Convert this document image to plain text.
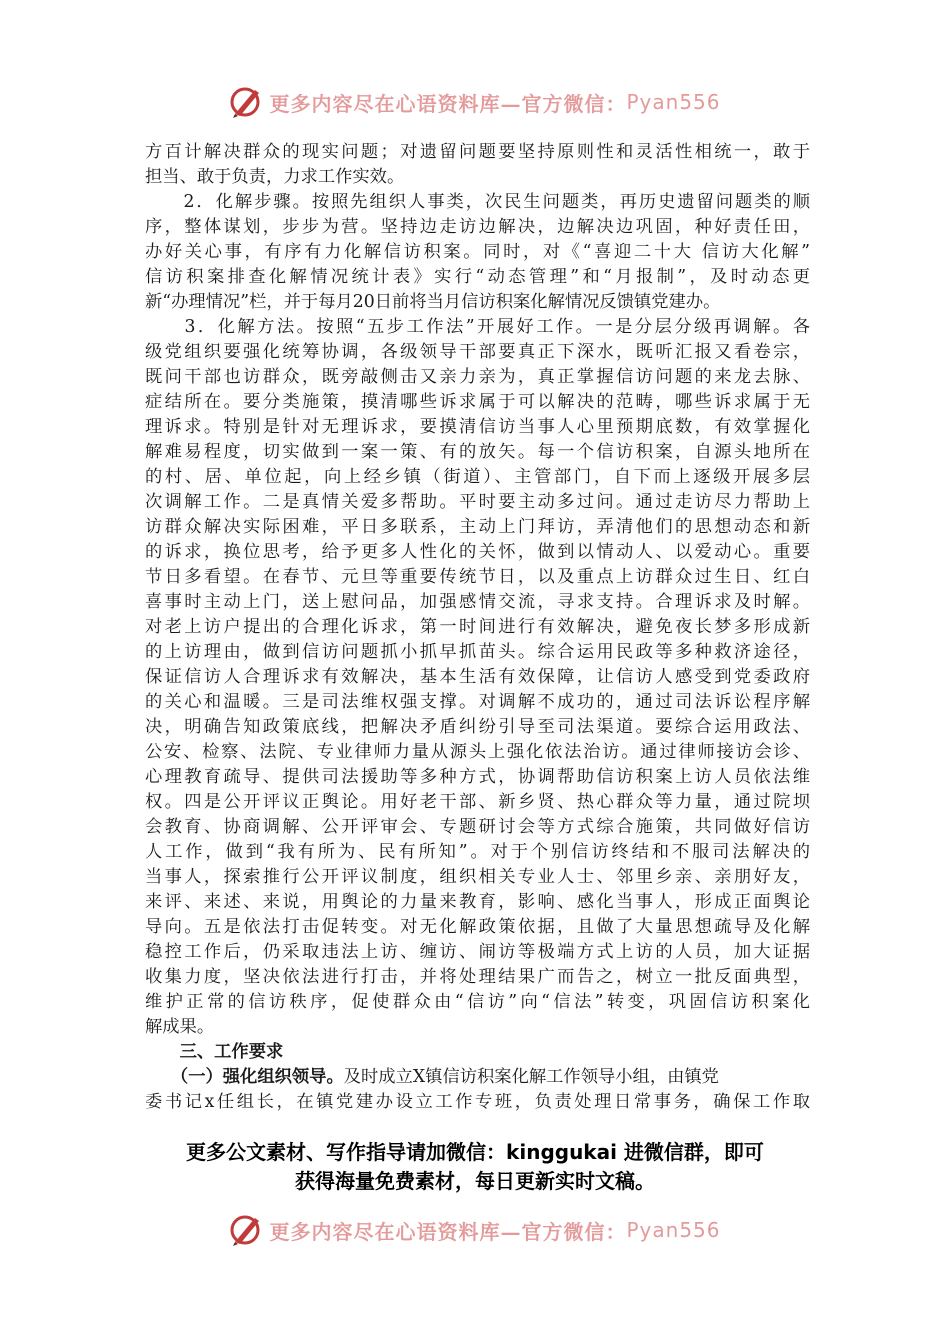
更多内容尽在心语资料库—官方微信： Pyan556
方百计解决群众的现实问题；对遗留问题要坚持原则性和灵活性相统一，敢于
担当、敢于负责，力求工作实效。
　　2．化解步骤。按照先组织人事类，次民生问题类，再历史遗留问题类的顺
序，整体谋划，步步为营。坚持边走访边解决，边解决边巩固，种好责任田，
办好关心事，有序有力化解信访积案。同时，对《“喜迎二十大 信访大化解”
信访积案排查化解情况统计表》实行“动态管理”和“月报制”，及时动态更
新“办理情况”栏，并于每月20日前将当月信访积案化解情况反馈镇党建办。
　　3．化解方法。按照“五步工作法”开展好工作。一是分层分级再调解。各
级党组织要强化统筹协调，各级领导干部要真正下深水，既听汇报又看卷宗，
既问干部也访群众，既旁敲侧击又亲力亲为，真正掌握信访问题的来龙去脉、
症结所在。要分类施策，摸清哪些诉求属于可以解决的范畴，哪些诉求属于无
理诉求。特别是针对无理诉求，要摸清信访当事人心里预期底数，有效掌握化
解难易程度，切实做到一案一策、有的放矢。每一个信访积案，自源头地所在
的村、居、单位起，向上经乡镇（街道）、主管部门，自下而上逐级开展多层
次调解工作。二是真情关爱多帮助。平时要主动多过问。通过走访尽力帮助上
访群众解决实际困难，平日多联系，主动上门拜访，弄清他们的思想动态和新
的诉求，换位思考，给予更多人性化的关怀，做到以情动人、以爱动心。重要
节日多看望。在春节、元旦等重要传统节日，以及重点上访群众过生日、红白
喜事时主动上门，送上慰问品，加强感情交流，寻求支持。合理诉求及时解。
对老上访户提出的合理化诉求，第一时间进行有效解决，避免夜长梦多形成新
的上访理由，做到信访问题抓小抓早抓苗头。综合运用民政等多种救济途径，
保证信访人合理诉求有效解决，基本生活有效保障，让信访人感受到党委政府
的关心和温暖。三是司法维权强支撑。对调解不成功的，通过司法诉讼程序解
决，明确告知政策底线，把解决矛盾纠纷引导至司法渠道。要综合运用政法、
公安、检察、法院、专业律师力量从源头上强化依法治访。通过律师接访会诊、
心理教育疏导、提供司法援助等多种方式，协调帮助信访积案上访人员依法维
权。四是公开评议正舆论。用好老干部、新乡贤、热心群众等力量，通过院坝
会教育、协商调解、公开评审会、专题研讨会等方式综合施策，共同做好信访
人工作，做到“我有所为、民有所知”。对于个别信访终结和不服司法解决的
当事人，探索推行公开评议制度，组织相关专业人士、邻里乡亲、亲朋好友，
来评、来述、来说，用舆论的力量来教育，影响、感化当事人，形成正面舆论
导向。五是依法打击促转变。对无化解政策依据，且做了大量思想疏导及化解
稳控工作后，仍采取违法上访、缠访、闹访等极端方式上访的人员，加大证据
收集力度，坚决依法进行打击，并将处理结果广而告之，树立一批反面典型，
维护正常的信访秩序，促使群众由“信访”向“信法”转变，巩固信访积案化
解成果。
　　三、工作要求
　　（一）强化组织领导。及时成立X镇信访积案化解工作领导小组，由镇党
委书记x任组长，在镇党建办设立工作专班，负责处理日常事务，确保工作取
更多公文素材、写作指导请加微信：kinggukai 进微信群，即可
获得海量免费素材，每日更新实时文稿。
更多内容尽在心语资料库—官方微信： Pyan556
